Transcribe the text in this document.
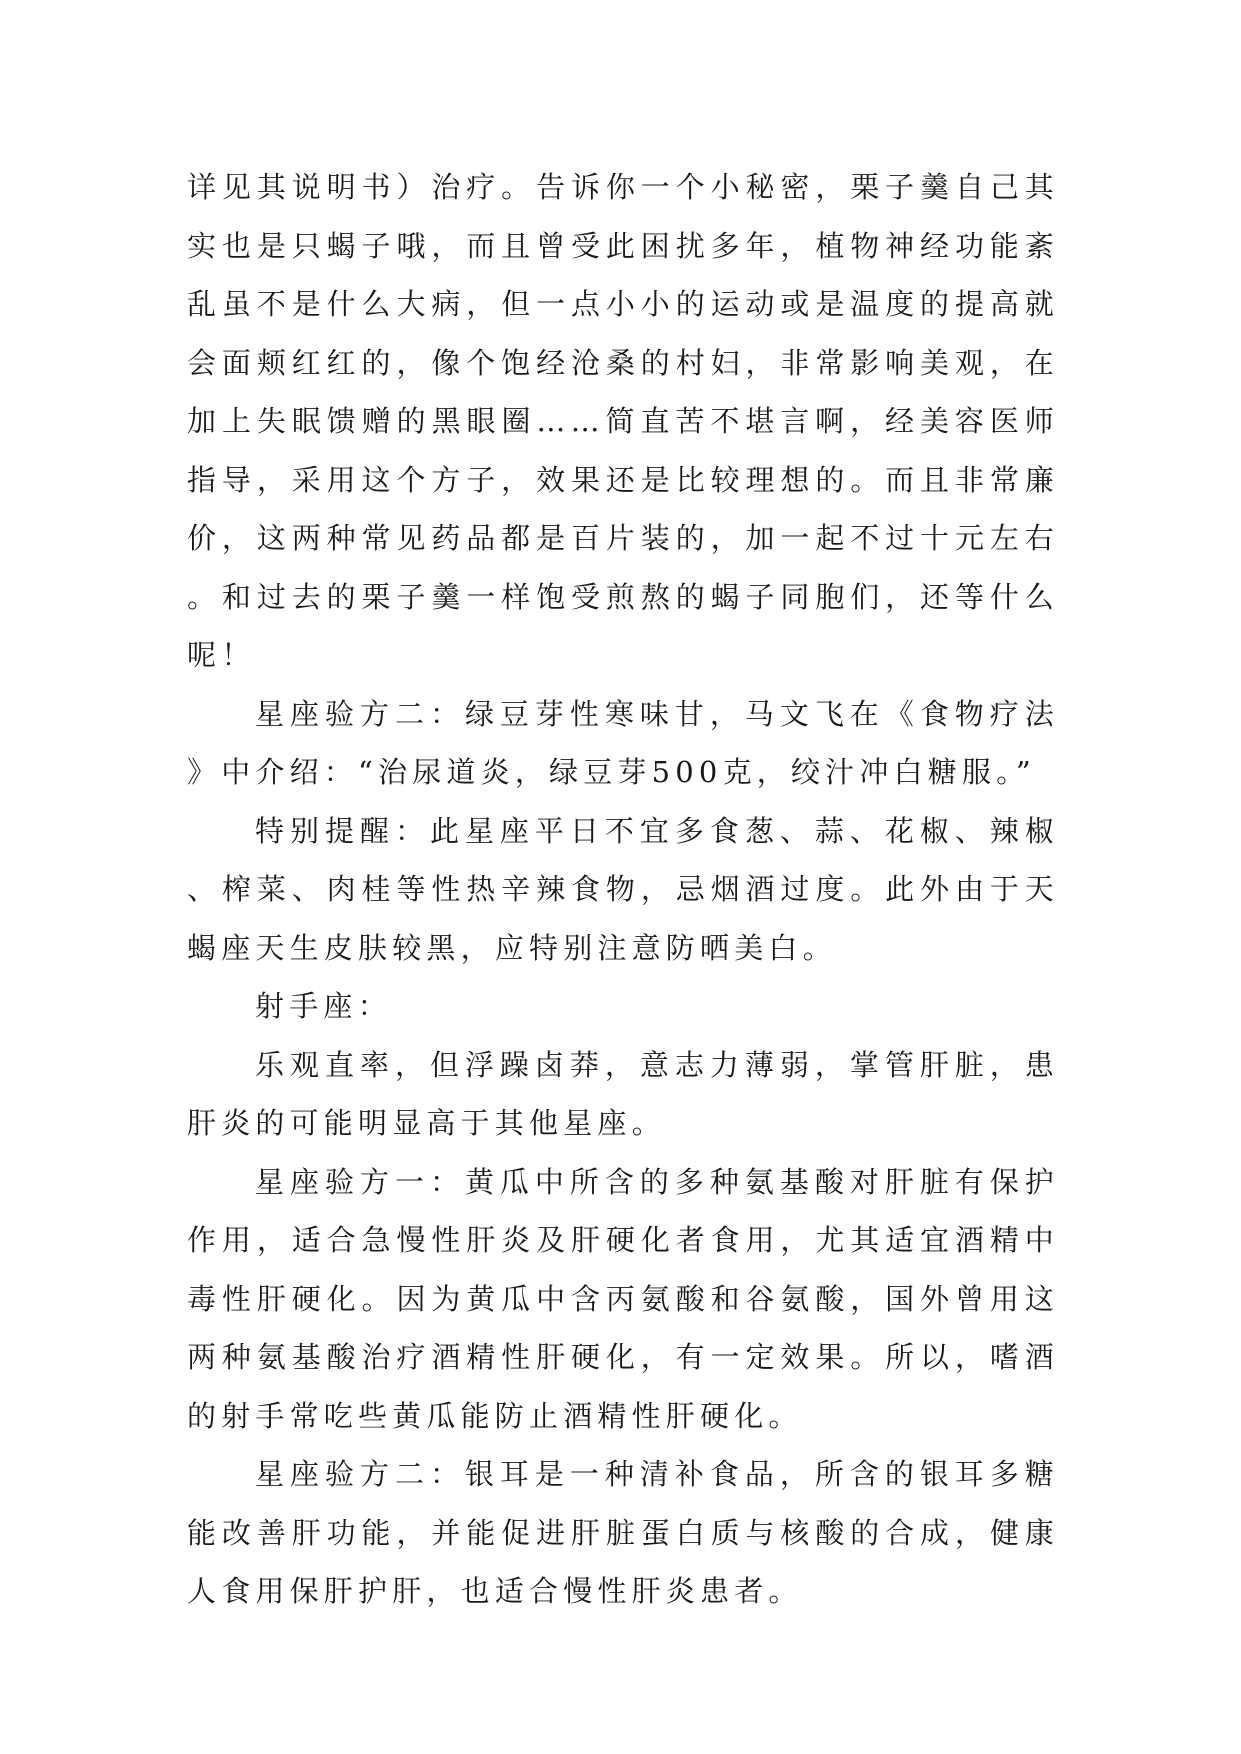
详见其说明书）治疗。告诉你一个小秘密，栗子羹自己其实也是只蝎子哦，而且曾受此困扰多年，植物神经功能紊乱虽不是什么大病，但一点小小的运动或是温度的提高就会面颊红红的，像个饱经沧桑的村妇，非常影响美观，在加上失眠馈赠的黑眼圈……简直苦不堪言啊，经美容医师指导，采用这个方子，效果还是比较理想的。而且非常廉价，这两种常见药品都是百片装的，加一起不过十元左右。和过去的栗子羹一样饱受煎熬的蝎子同胞们，还等什么呢！

星座验方二：绿豆芽性寒味甘，马文飞在《食物疗法》中介绍：“治尿道炎，绿豆芽500克，绞汁冲白糖服。”

特别提醒：此星座平日不宜多食葱、蒜、花椒、辣椒、榨菜、肉桂等性热辛辣食物，忌烟酒过度。此外由于天蝎座天生皮肤较黑，应特别注意防晒美白。

射手座：

乐观直率，但浮躁卤莽，意志力薄弱，掌管肝脏，患肝炎的可能明显高于其他星座。

星座验方一：黄瓜中所含的多种氨基酸对肝脏有保护作用，适合急慢性肝炎及肝硬化者食用，尤其适宜酒精中毒性肝硬化。因为黄瓜中含丙氨酸和谷氨酸，国外曾用这两种氨基酸治疗酒精性肝硬化，有一定效果。所以，嗜酒的射手常吃些黄瓜能防止酒精性肝硬化。

星座验方二：银耳是一种清补食品，所含的银耳多糖能改善肝功能，并能促进肝脏蛋白质与核酸的合成，健康人食用保肝护肝，也适合慢性肝炎患者。
